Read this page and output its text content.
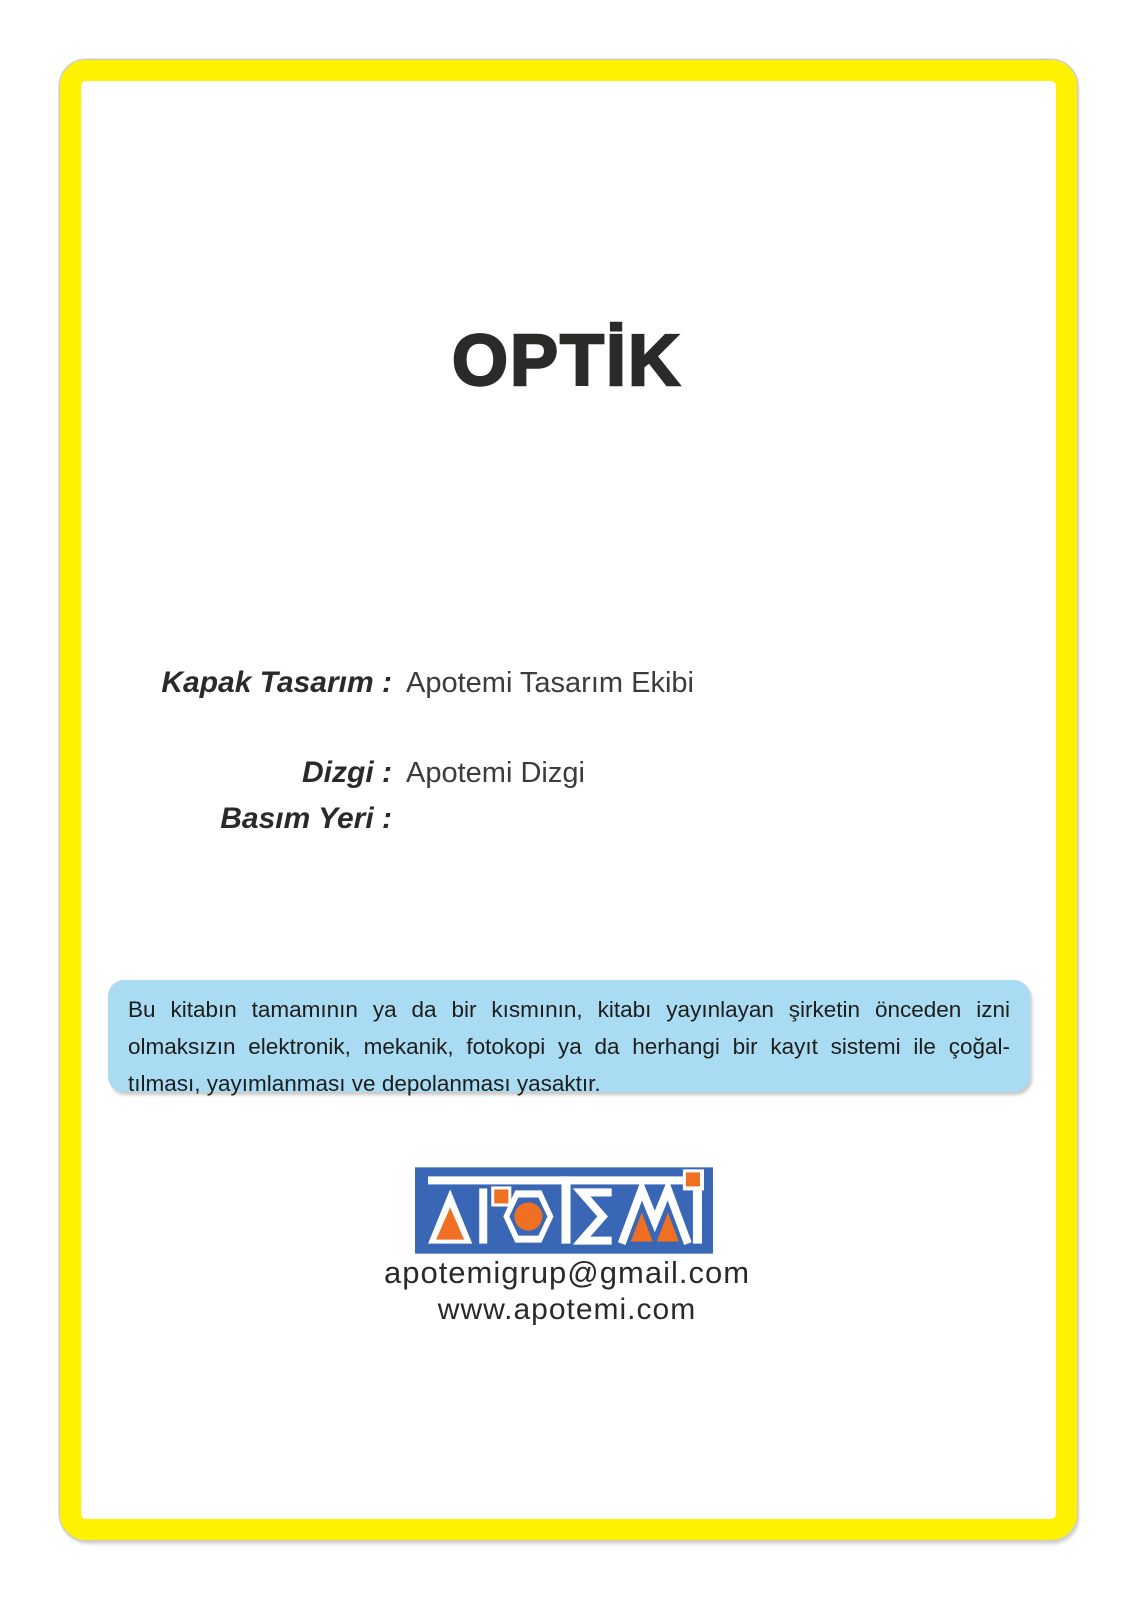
OPTİK
Kapak Tasarım : Apotemi Tasarım Ekibi
Dizgi : Apotemi Dizgi
Basım Yeri :
Bu kitabın tamamının ya da bir kısmının, kitabı yayınlayan şirketin önceden izni
olmaksızın elektronik, mekanik, fotokopi ya da herhangi bir kayıt sistemi ile çoğal-
tılması, yayımlanması ve depolanması yasaktır.
apotemigrup@gmail.com
www.apotemi.com
